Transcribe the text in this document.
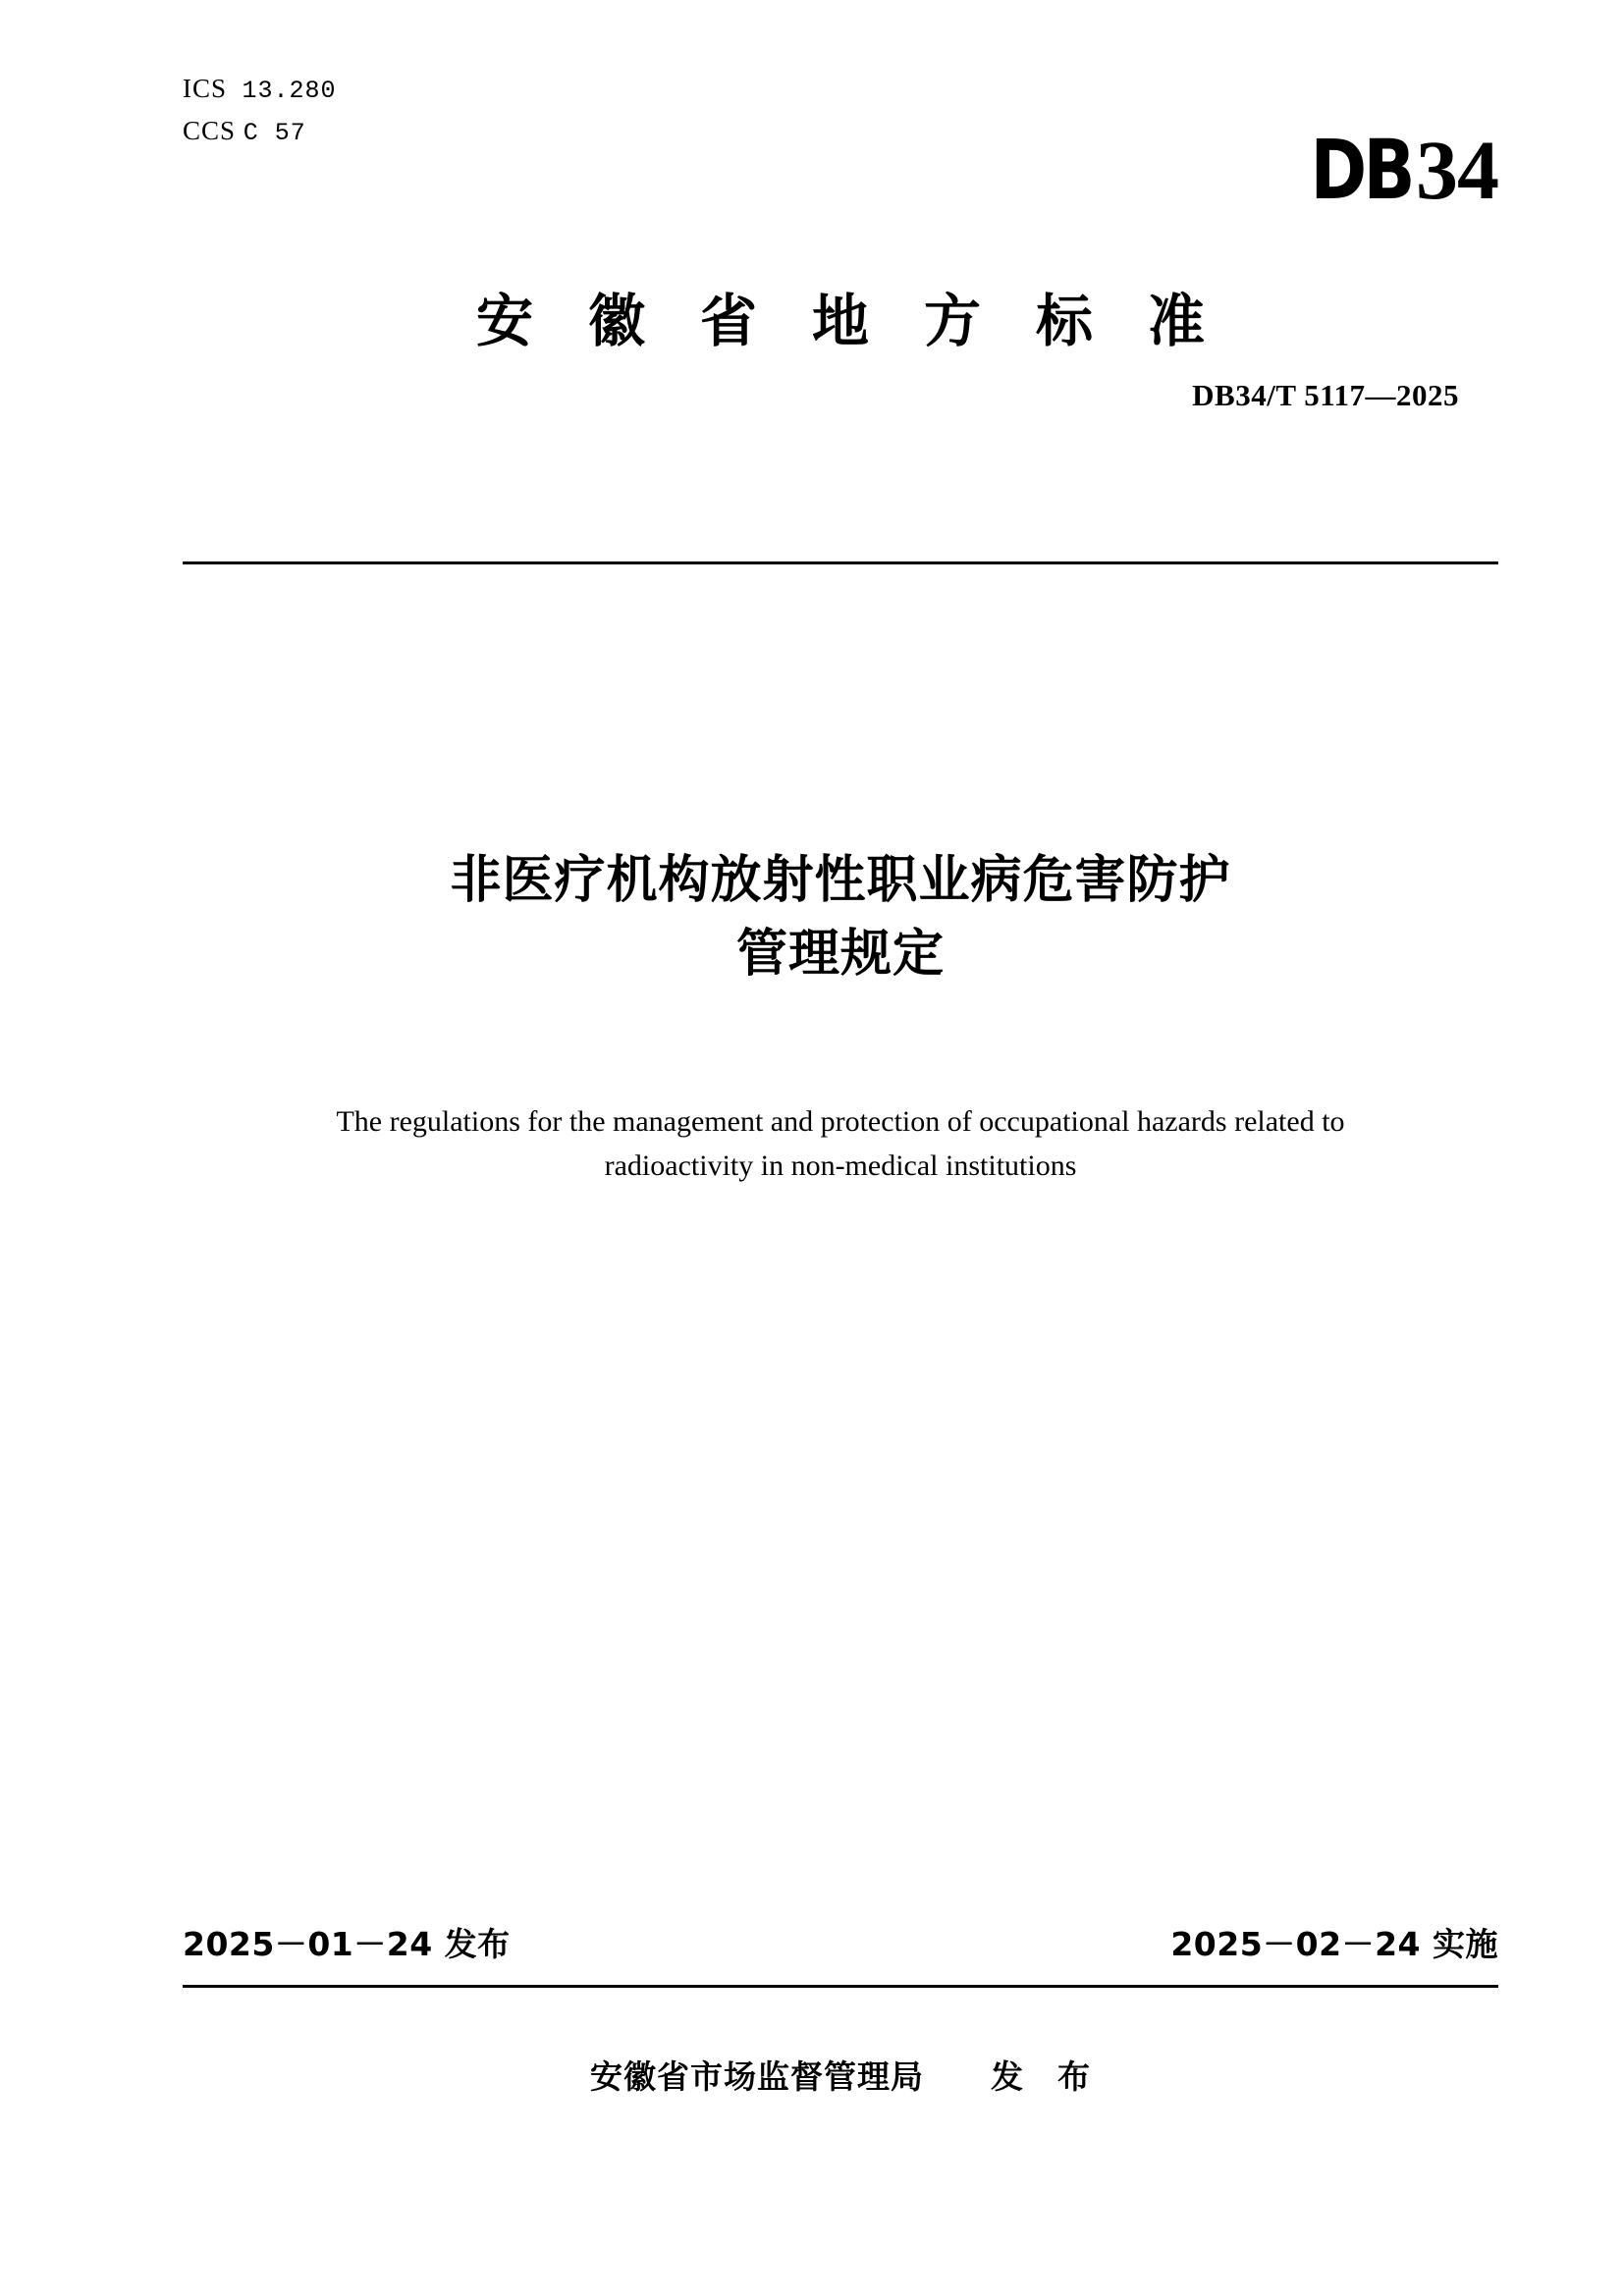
ICS 13.280
CCS C 57	DB34
安 徽 省 地 方 标 准
DB34/T 5117—2025
非医疗机构放射性职业病危害防护
管理规定
The regulations for the management and protection of occupational hazards related to
radioactivity in non-medical institutions
2025－01－24 发布	2025－02－24 实施
安徽省市场监督管理局　　发　布
